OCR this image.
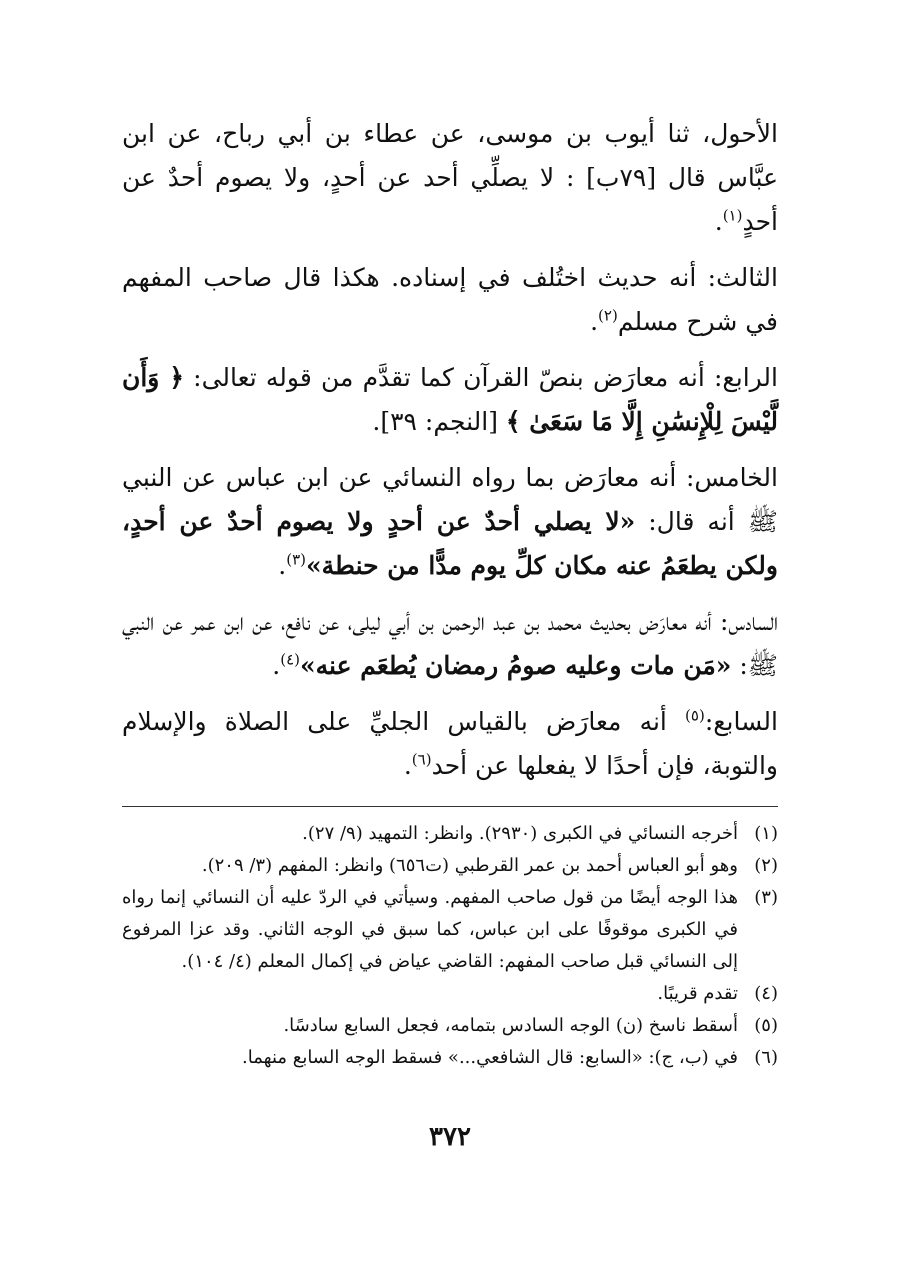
الأحول، ثنا أيوب بن موسى، عن عطاء بن أبي رباح، عن ابن عبَّاس قال [٧٩ب] : لا يصلِّي أحد عن أحدٍ، ولا يصوم أحدٌ عن أحدٍ$^{(١)}$.

الثالث: أنه حديث اختُلف في إسناده. هكذا قال صاحب المفهم في شرح مسلم$^{(٢)}$.

الرابع: أنه معارَض بنصّ القرآن كما تقدَّم من قوله تعالى: ﴿ وَأَن لَّيْسَ لِلْإِنسَٰنِ إِلَّا مَا سَعَىٰ ﴾ [النجم: ٣٩].

الخامس: أنه معارَض بما رواه النسائي عن ابن عباس عن النبي ﷺ أنه قال: «لا يصلي أحدٌ عن أحدٍ ولا يصوم أحدٌ عن أحدٍ، ولكن يطعَمُ عنه مكان كلِّ يوم مدًّا من حنطة»$^{(٣)}$.

السادس: أنه معارَض بحديث محمد بن عبد الرحمن بن أبي ليلى، عن نافع، عن ابن عمر عن النبي ﷺ: «مَن مات وعليه صومُ رمضان يُطعَم عنه»$^{(٤)}$.

السابع:$^{(٥)}$ أنه معارَض بالقياس الجليِّ على الصلاة والإسلام والتوبة، فإن أحدًا لا يفعلها عن أحد$^{(٦)}$.

(١)
أخرجه النسائي في الكبرى (٢٩٣٠). وانظر: التمهيد (٩/ ٢٧).
(٢)
وهو أبو العباس أحمد بن عمر القرطبي (ت٦٥٦) وانظر: المفهم (٣/ ٢٠٩).
(٣)
هذا الوجه أيضًا من قول صاحب المفهم. وسيأتي في الردّ عليه أن النسائي إنما رواه في الكبرى موقوفًا على ابن عباس، كما سبق في الوجه الثاني. وقد عزا المرفوع إلى النسائي قبل صاحب المفهم: القاضي عياض في إكمال المعلم (٤/ ١٠٤).
(٤)
تقدم قريبًا.
(٥)
أسقط ناسخ (ن) الوجه السادس بتمامه، فجعل السابع سادسًا.
(٦)
في (ب، ج): «السابع: قال الشافعي...» فسقط الوجه السابع منهما.
٣٧٢
